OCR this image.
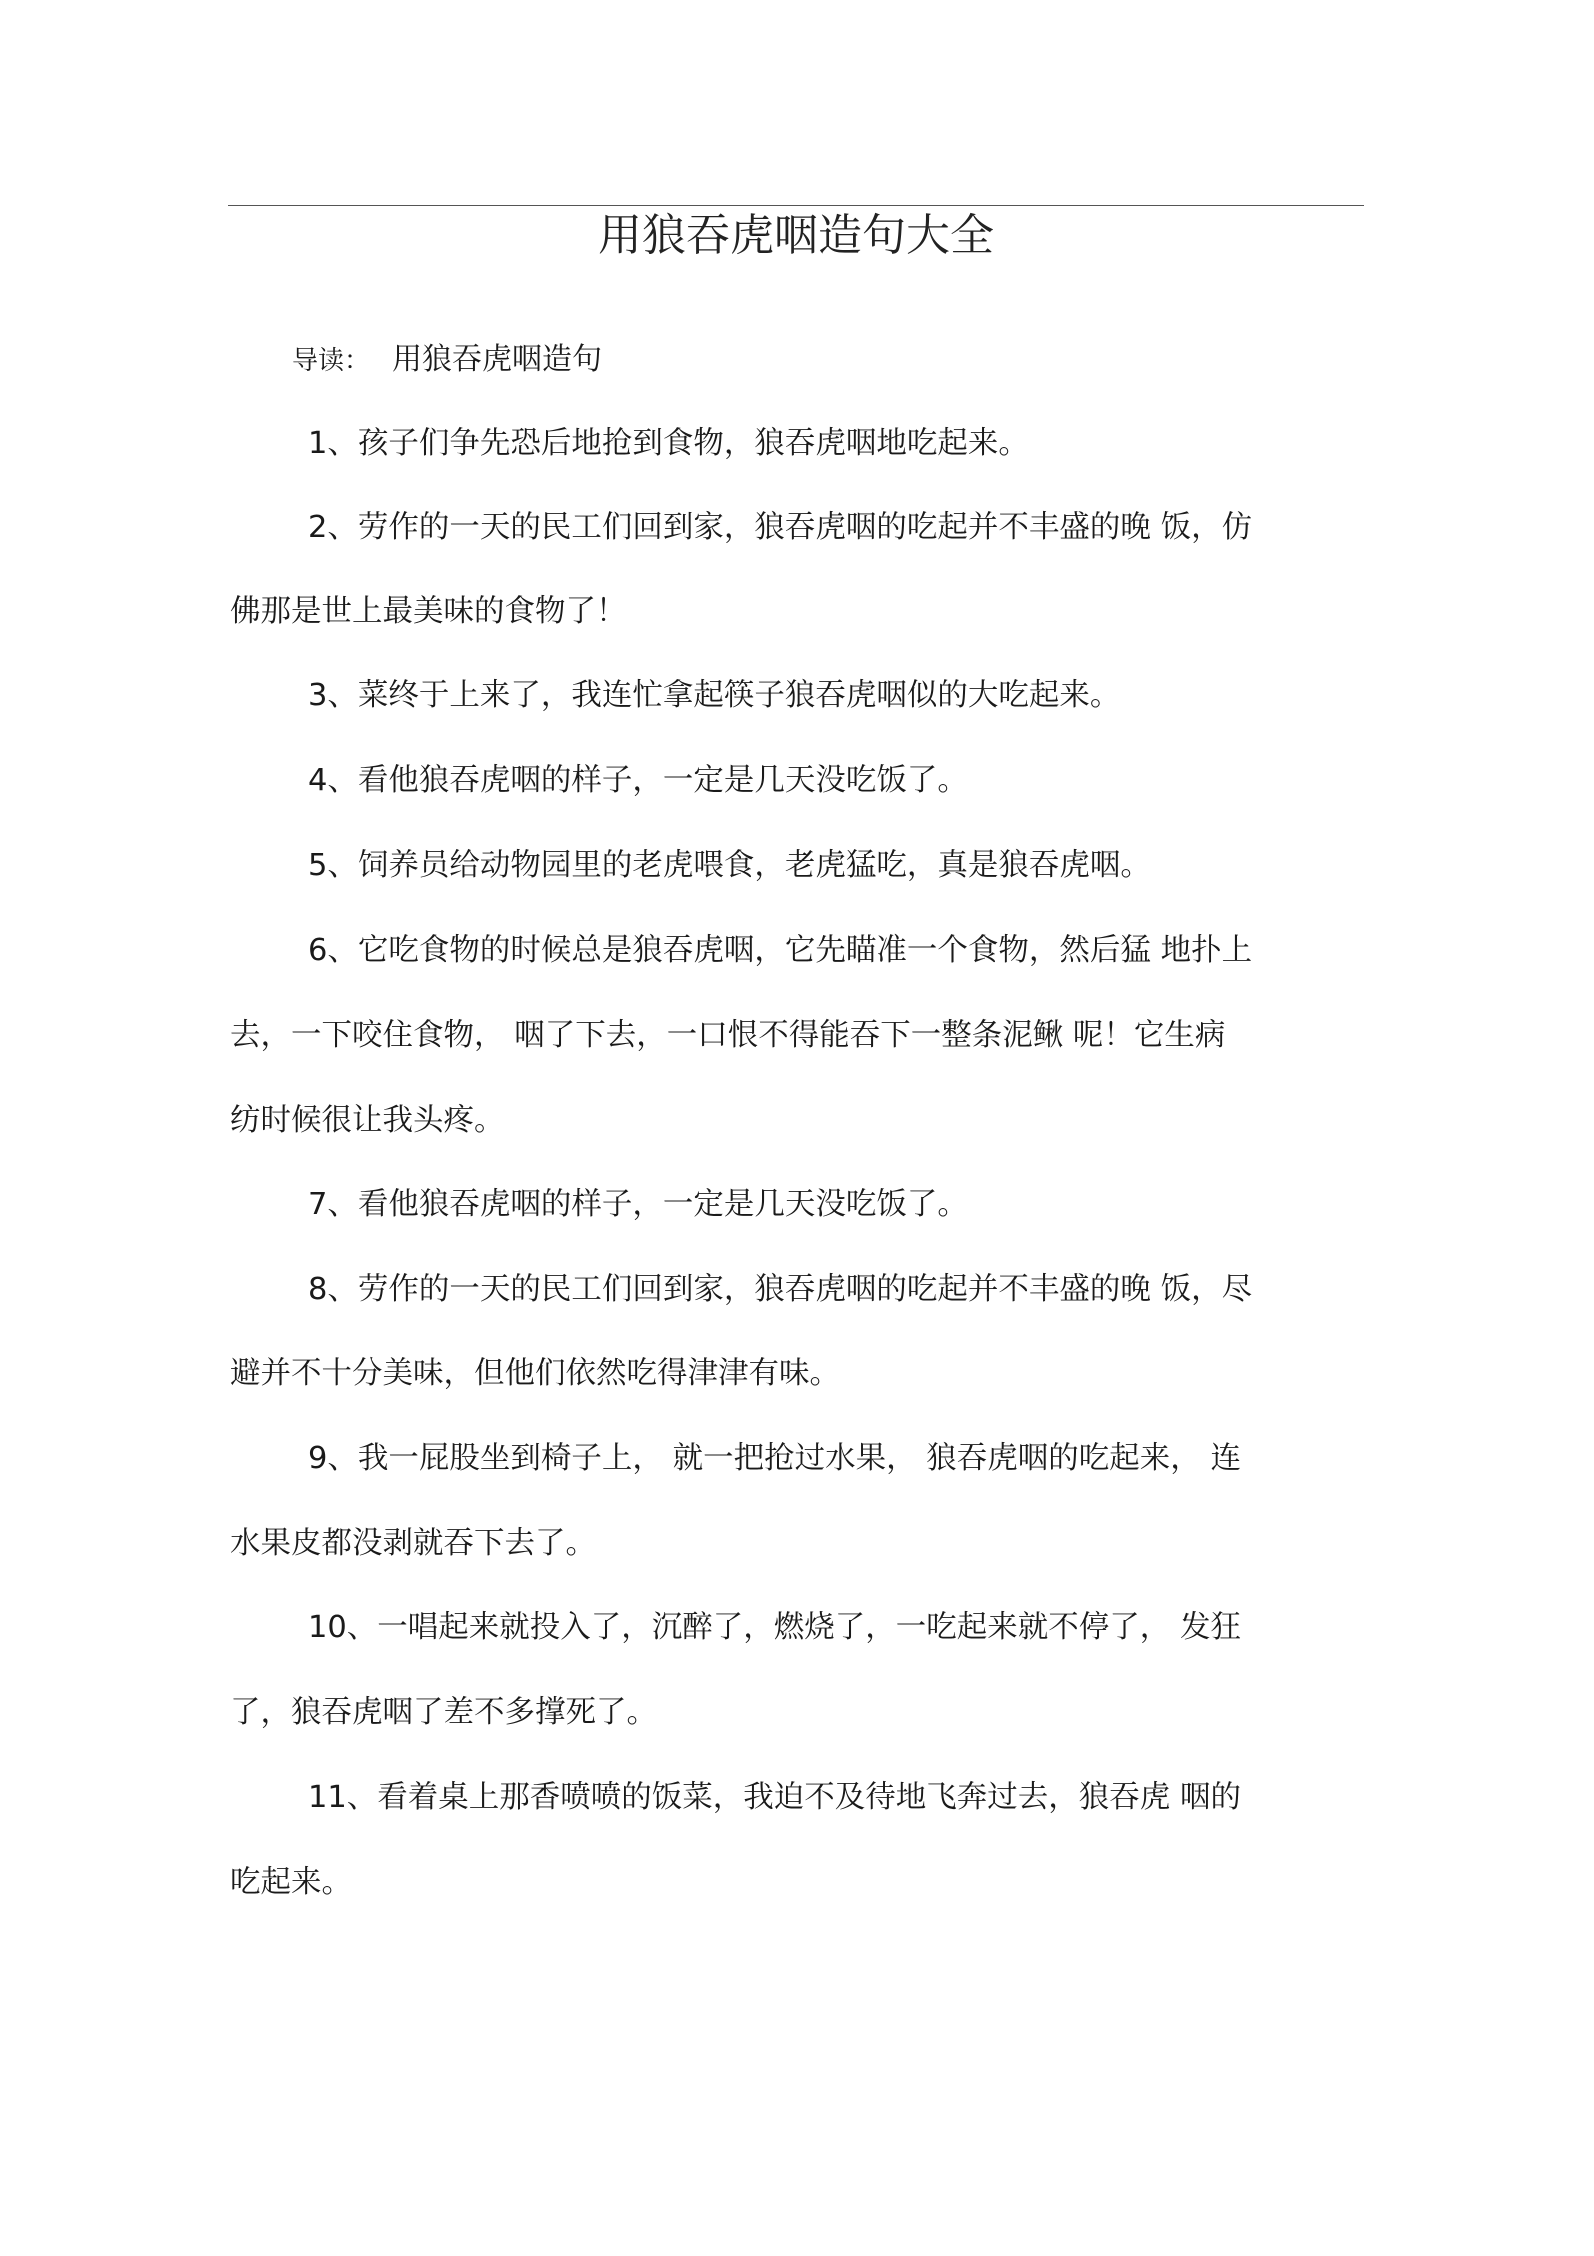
用狼吞虎咽造句大全
导读： 用狼吞虎咽造句
1、孩子们争先恐后地抢到食物，狼吞虎咽地吃起来。
2、劳作的一天的民工们回到家，狼吞虎咽的吃起并不丰盛的晚 饭，仿
佛那是世上最美味的食物了！
3、菜终于上来了，我连忙拿起筷子狼吞虎咽似的大吃起来。
4、看他狼吞虎咽的样子，一定是几天没吃饭了。
5、饲养员给动物园里的老虎喂食，老虎猛吃，真是狼吞虎咽。
6、它吃食物的时候总是狼吞虎咽，它先瞄准一个食物，然后猛 地扑上
去，一下咬住食物， 咽了下去，一口恨不得能吞下一整条泥鳅 呢！它生病
纺时候很让我头疼。
7、看他狼吞虎咽的样子，一定是几天没吃饭了。
8、劳作的一天的民工们回到家，狼吞虎咽的吃起并不丰盛的晚 饭，尽
避并不十分美味，但他们依然吃得津津有味。
9、我一屁股坐到椅子上， 就一把抢过水果， 狼吞虎咽的吃起来， 连
水果皮都没剥就吞下去了。
10、一唱起来就投入了，沉醉了，燃烧了，一吃起来就不停了， 发狂
了，狼吞虎咽了差不多撑死了。
11、看着桌上那香喷喷的饭菜，我迫不及待地飞奔过去，狼吞虎 咽的
吃起来。
